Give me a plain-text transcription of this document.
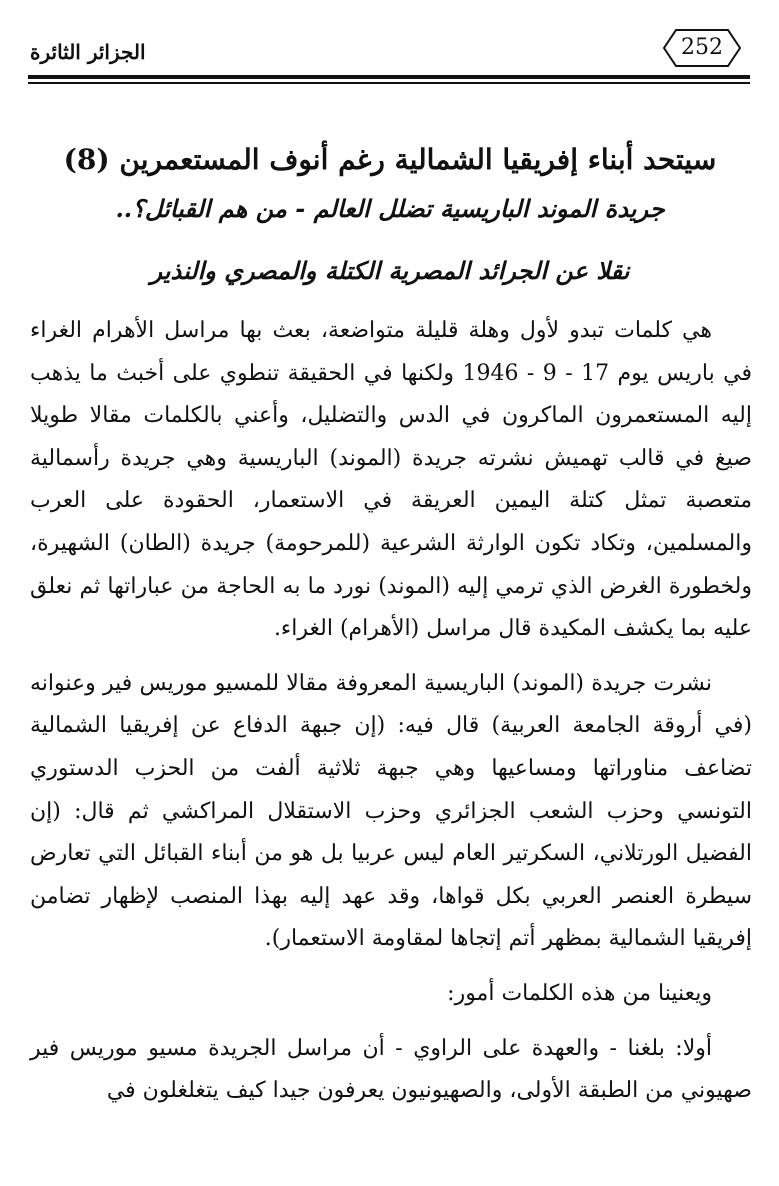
الجزائر الثائرة	252
سيتحد أبناء إفريقيا الشمالية رغم أنوف المستعمرين (8)
جريدة الموند الباريسية تضلل العالم - من هم القبائل؟..
نقلا عن الجرائد المصرية الكتلة والمصري والنذير

هي كلمات تبدو لأول وهلة قليلة متواضعة، بعث بها مراسل الأهرام الغراء في باريس يوم 17 - 9 - 1946 ولكنها في الحقيقة تنطوي على أخبث ما يذهب إليه المستعمرون الماكرون في الدس والتضليل، وأعني بالكلمات مقالا طويلا صيغ في قالب تهميش نشرته جريدة (الموند) الباريسية وهي جريدة رأسمالية متعصبة تمثل كتلة اليمين العريقة في الاستعمار، الحقودة على العرب والمسلمين، وتكاد تكون الوارثة الشرعية (للمرحومة) جريدة (الطان) الشهيرة، ولخطورة الغرض الذي ترمي إليه (الموند) نورد ما به الحاجة من عباراتها ثم نعلق عليه بما يكشف المكيدة قال مراسل (الأهرام) الغراء.

نشرت جريدة (الموند) الباريسية المعروفة مقالا للمسيو موريس فير وعنوانه (في أروقة الجامعة العربية) قال فيه: (إن جبهة الدفاع عن إفريقيا الشمالية تضاعف مناوراتها ومساعيها وهي جبهة ثلاثية ألفت من الحزب الدستوري التونسي وحزب الشعب الجزائري وحزب الاستقلال المراكشي ثم قال: (إن الفضيل الورتلاني، السكرتير العام ليس عربيا بل هو من أبناء القبائل التي تعارض سيطرة العنصر العربي بكل قواها، وقد عهد إليه بهذا المنصب لإظهار تضامن إفريقيا الشمالية بمظهر أتم إتجاها لمقاومة الاستعمار).

ويعنينا من هذه الكلمات أمور:

أولا: بلغنا - والعهدة على الراوي - أن مراسل الجريدة مسيو موريس فير صهيوني من الطبقة الأولى، والصهيونيون يعرفون جيدا كيف يتغلغلون في
